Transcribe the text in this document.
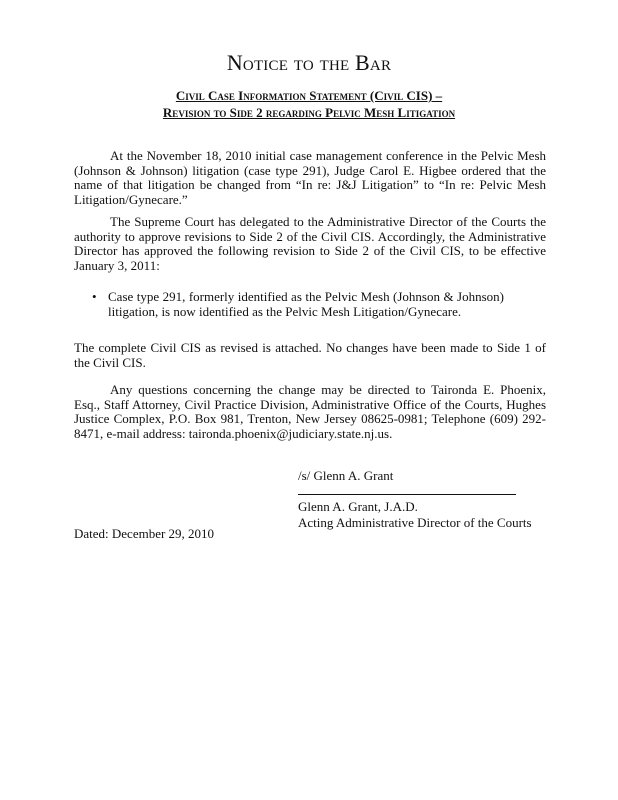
Notice to the Bar
Civil Case Information Statement (Civil CIS) –
Revision to Side 2 regarding Pelvic Mesh Litigation

At the November 18, 2010 initial case management conference in the Pelvic Mesh (Johnson & Johnson) litigation (case type 291), Judge Carol E. Higbee ordered that the name of that litigation be changed from “In re: J&J Litigation” to “In re: Pelvic Mesh Litigation/Gynecare.”

The Supreme Court has delegated to the Administrative Director of the Courts the authority to approve revisions to Side 2 of the Civil CIS. Accordingly, the Administrative Director has approved the following revision to Side 2 of the Civil CIS, to be effective January 3, 2011:

• Case type 291, formerly identified as the Pelvic Mesh (Johnson & Johnson) litigation, is now identified as the Pelvic Mesh Litigation/Gynecare.

The complete Civil CIS as revised is attached. No changes have been made to Side 1 of the Civil CIS.

Any questions concerning the change may be directed to Taironda E. Phoenix, Esq., Staff Attorney, Civil Practice Division, Administrative Office of the Courts, Hughes Justice Complex, P.O. Box 981, Trenton, New Jersey 08625-0981; Telephone (609) 292-8471, e-mail address: taironda.phoenix@judiciary.state.nj.us.

/s/ Glenn A. Grant
Glenn A. Grant, J.A.D.
Acting Administrative Director of the Courts
Dated: December 29, 2010
